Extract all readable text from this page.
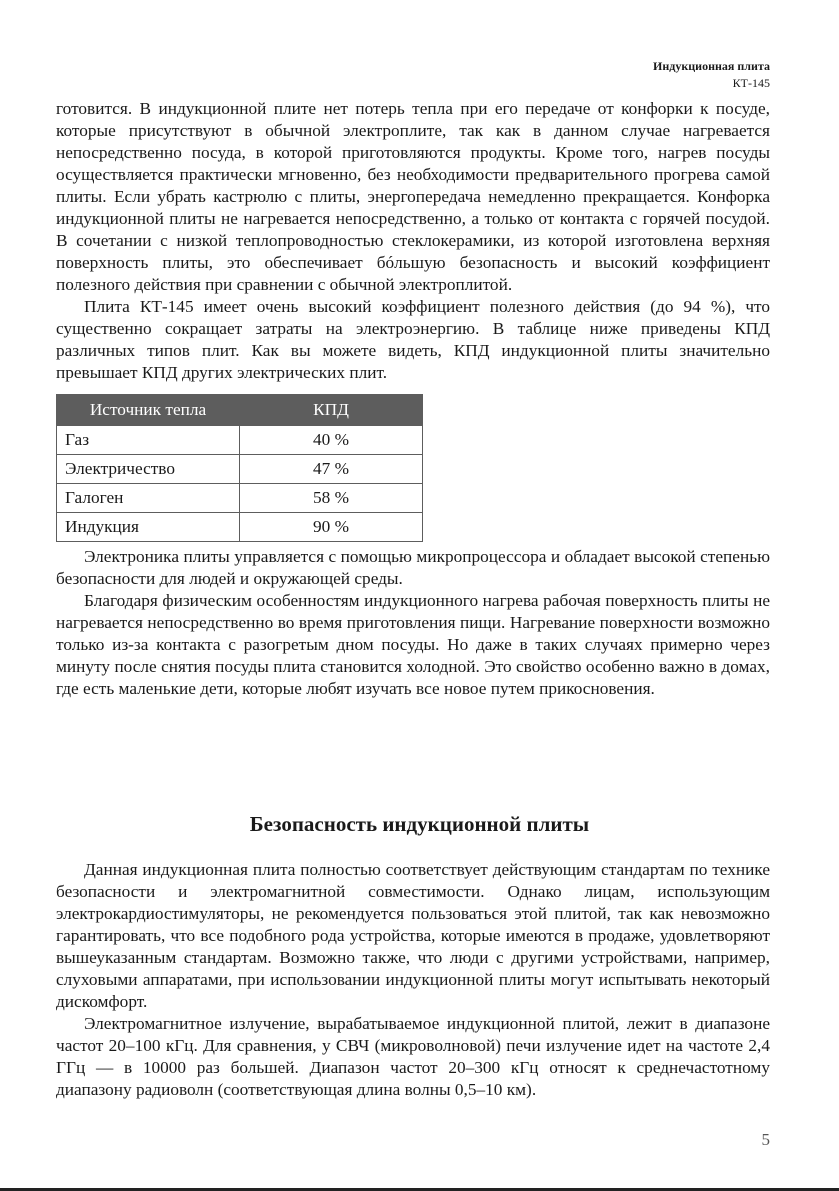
Индукционная плита
КТ-145

готовится. В индукционной плите нет потерь тепла при его передаче от конфорки к посуде, которые присутствуют в обычной электроплите, так как в данном случае нагревается непосредственно посуда, в которой приготовляются продукты. Кроме того, нагрев посуды осуществляется практически мгновенно, без необходимости предварительного прогрева самой плиты. Если убрать кастрюлю с плиты, энергопередача немедленно прекращается. Конфорка индукционной плиты не нагревается непосредственно, а только от контакта с горячей посудой. В сочетании с низкой теплопроводностью стеклокерамики, из которой изготовлена верхняя поверхность плиты, это обеспечивает бóльшую безопасность и высокий коэффициент полезного действия при сравнении с обычной электроплитой.

Плита КТ-145 имеет очень высокий коэффициент полезного действия (до 94 %), что существенно сокращает затраты на электроэнергию. В таблице ниже приведены КПД различных типов плит. Как вы можете видеть, КПД индукционной плиты значительно превышает КПД других электрических плит.

Источник тепла	КПД
Газ	40 %
Электричество	47 %
Галоген	58 %
Индукция	90 %

Электроника плиты управляется с помощью микропроцессора и обладает высокой степенью безопасности для людей и окружающей среды.

Благодаря физическим особенностям индукционного нагрева рабочая поверхность плиты не нагревается непосредственно во время приготовления пищи. Нагревание поверхности возможно только из-за контакта с разогретым дном посуды. Но даже в таких случаях примерно через минуту после снятия посуды плита становится холодной. Это свойство особенно важно в домах, где есть маленькие дети, которые любят изучать все новое путем прикосновения.

Безопасность индукционной плиты

Данная индукционная плита полностью соответствует действующим стандартам по технике безопасности и электромагнитной совместимости. Однако лицам, использующим электрокардиостимуляторы, не рекомендуется пользоваться этой плитой, так как невозможно гарантировать, что все подобного рода устройства, которые имеются в продаже, удовлетворяют вышеуказанным стандартам. Возможно также, что люди с другими устройствами, например, слуховыми аппаратами, при использовании индукционной плиты могут испытывать некоторый дискомфорт.

Электромагнитное излучение, вырабатываемое индукционной плитой, лежит в диапазоне частот 20–100 кГц. Для сравнения, у СВЧ (микроволновой) печи излучение идет на частоте 2,4 ГГц — в 10000 раз большей. Диапазон частот 20–300 кГц относят к среднечастотному диапазону радиоволн (соответствующая длина волны 0,5–10 км).

5
